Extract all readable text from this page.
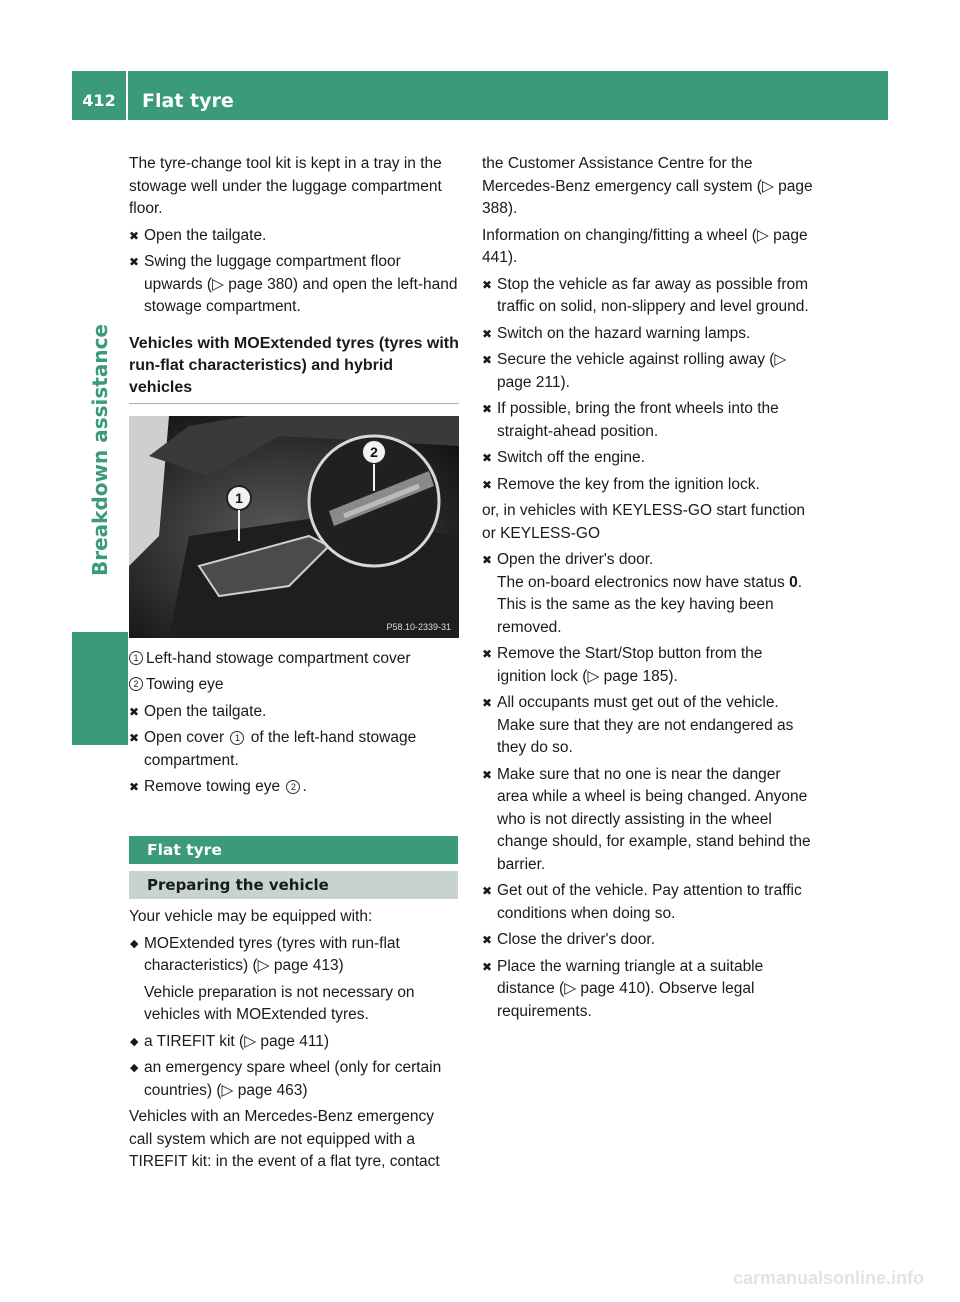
412	Flat tyre
Breakdown assistance

The tyre-change tool kit is kept in a tray in the stowage well under the luggage compartment floor.

✖ Open the tailgate.
✖ Swing the luggage compartment floor upwards (▷ page 380) and open the left-hand stowage compartment.
Vehicles with MOExtended tyres (tyres with run-flat characteristics) and hybrid vehicles
1
2
P58.10-2339-31
1 Left-hand stowage compartment cover
2 Towing eye
✖ Open the tailgate.
✖ Open cover 1 of the left-hand stowage compartment.
✖ Remove towing eye 2 .
Flat tyre
Preparing the vehicle

Your vehicle may be equipped with:

◆ MOExtended tyres (tyres with run-flat characteristics) (▷ page 413)
Vehicle preparation is not necessary on vehicles with MOExtended tyres.
◆ a TIREFIT kit (▷ page 411)
◆ an emergency spare wheel (only for certain countries) (▷ page 463)

Vehicles with an Mercedes-Benz emergency call system which are not equipped with a TIREFIT kit: in the event of a flat tyre, contact

the Customer Assistance Centre for the Mercedes-Benz emergency call system (▷ page 388).

Information on changing/fitting a wheel (▷ page 441).

✖ Stop the vehicle as far away as possible from traffic on solid, non-slippery and level ground.
✖ Switch on the hazard warning lamps.
✖ Secure the vehicle against rolling away (▷ page 211).
✖ If possible, bring the front wheels into the straight-ahead position.
✖ Switch off the engine.
✖ Remove the key from the ignition lock.

or, in vehicles with KEYLESS-GO start function or KEYLESS-GO

✖ Open the driver's door.
The on-board electronics now have status 0. This is the same as the key having been removed.
✖ Remove the Start/Stop button from the ignition lock (▷ page 185).
✖ All occupants must get out of the vehicle. Make sure that they are not endangered as they do so.
✖ Make sure that no one is near the danger area while a wheel is being changed. Anyone who is not directly assisting in the wheel change should, for example, stand behind the barrier.
✖ Get out of the vehicle. Pay attention to traffic conditions when doing so.
✖ Close the driver's door.
✖ Place the warning triangle at a suitable distance (▷ page 410). Observe legal requirements.
carmanualsonline.info
